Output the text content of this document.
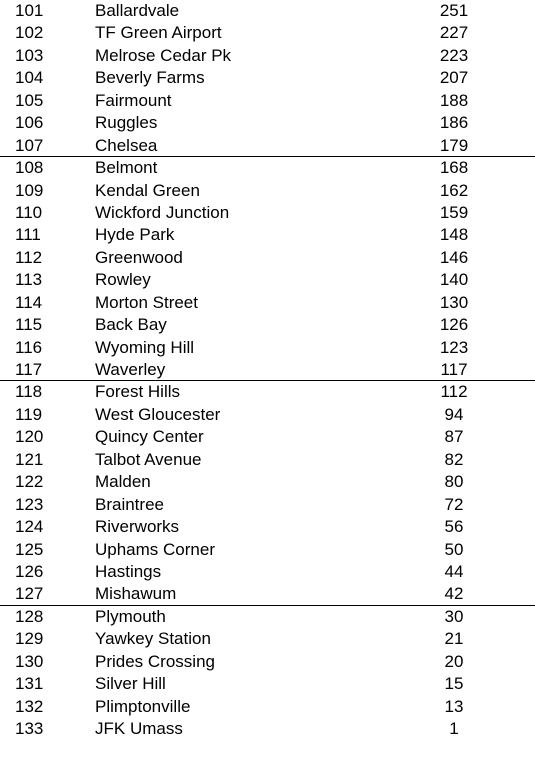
101	Ballardvale	251
102	TF Green Airport	227
103	Melrose Cedar Pk	223
104	Beverly Farms	207
105	Fairmount	188
106	Ruggles	186
107	Chelsea	179
108	Belmont	168
109	Kendal Green	162
110	Wickford Junction	159
111	Hyde Park	148
112	Greenwood	146
113	Rowley	140
114	Morton Street	130
115	Back Bay	126
116	Wyoming Hill	123
117	Waverley	117
118	Forest Hills	112
119	West Gloucester	94
120	Quincy Center	87
121	Talbot Avenue	82
122	Malden	80
123	Braintree	72
124	Riverworks	56
125	Uphams Corner	50
126	Hastings	44
127	Mishawum	42
128	Plymouth	30
129	Yawkey Station	21
130	Prides Crossing	20
131	Silver Hill	15
132	Plimptonville	13
133	JFK Umass	1
